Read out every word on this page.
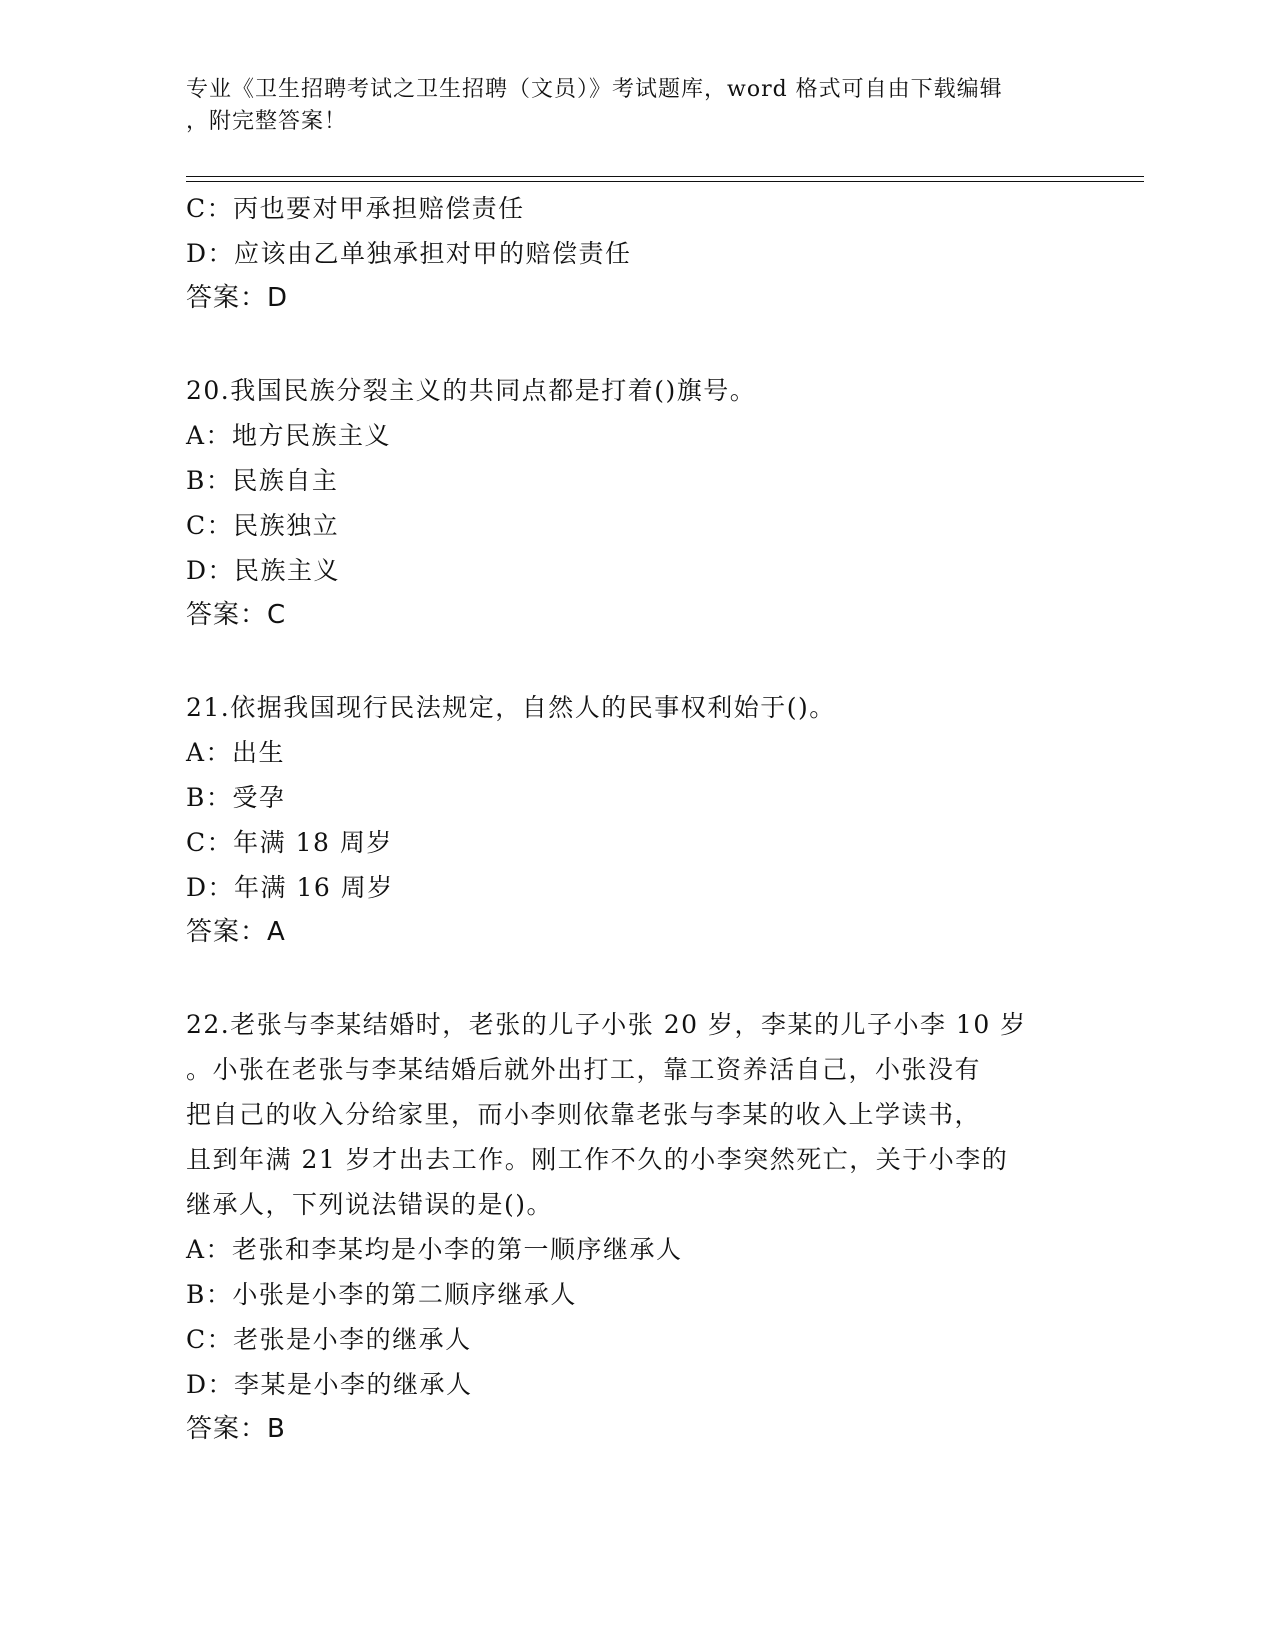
专业《卫生招聘考试之卫生招聘（文员）》考试题库，word 格式可自由下载编辑
，附完整答案！
C：丙也要对甲承担赔偿责任
D：应该由乙单独承担对甲的赔偿责任
答案：D
20.我国民族分裂主义的共同点都是打着()旗号。
A：地方民族主义
B：民族自主
C：民族独立
D：民族主义
答案：C
21.依据我国现行民法规定，自然人的民事权利始于()。
A：出生
B：受孕
C：年满 18 周岁
D：年满 16 周岁
答案：A
22.老张与李某结婚时，老张的儿子小张 20 岁，李某的儿子小李 10 岁
。小张在老张与李某结婚后就外出打工，靠工资养活自己，小张没有
把自己的收入分给家里，而小李则依靠老张与李某的收入上学读书，
且到年满 21 岁才出去工作。刚工作不久的小李突然死亡，关于小李的
继承人，下列说法错误的是()。
A：老张和李某均是小李的第一顺序继承人
B：小张是小李的第二顺序继承人
C：老张是小李的继承人
D：李某是小李的继承人
答案：B
